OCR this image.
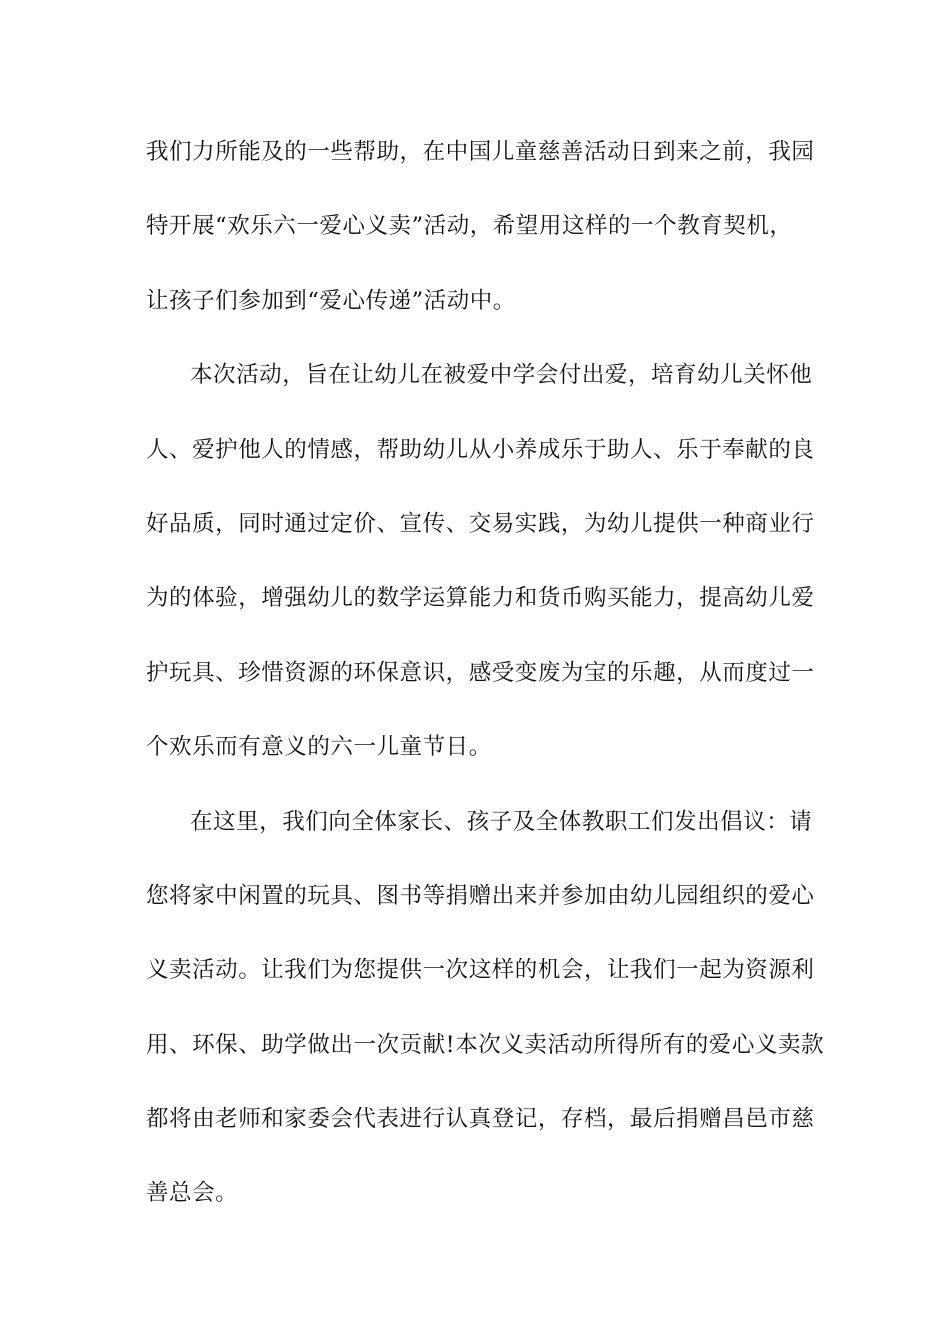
我们力所能及的一些帮助，在中国儿童慈善活动日到来之前，我园
特开展“欢乐六一爱心义卖”活动，希望用这样的一个教育契机，
让孩子们参加到“爱心传递”活动中。
本次活动，旨在让幼儿在被爱中学会付出爱，培育幼儿关怀他
人、爱护他人的情感，帮助幼儿从小养成乐于助人、乐于奉献的良
好品质，同时通过定价、宣传、交易实践，为幼儿提供一种商业行
为的体验，增强幼儿的数学运算能力和货币购买能力，提高幼儿爱
护玩具、珍惜资源的环保意识，感受变废为宝的乐趣，从而度过一
个欢乐而有意义的六一儿童节日。
在这里，我们向全体家长、孩子及全体教职工们发出倡议：请
您将家中闲置的玩具、图书等捐赠出来并参加由幼儿园组织的爱心
义卖活动。让我们为您提供一次这样的机会，让我们一起为资源利
用、环保、助学做出一次贡献!本次义卖活动所得所有的爱心义卖款
都将由老师和家委会代表进行认真登记，存档，最后捐赠昌邑市慈
善总会。
